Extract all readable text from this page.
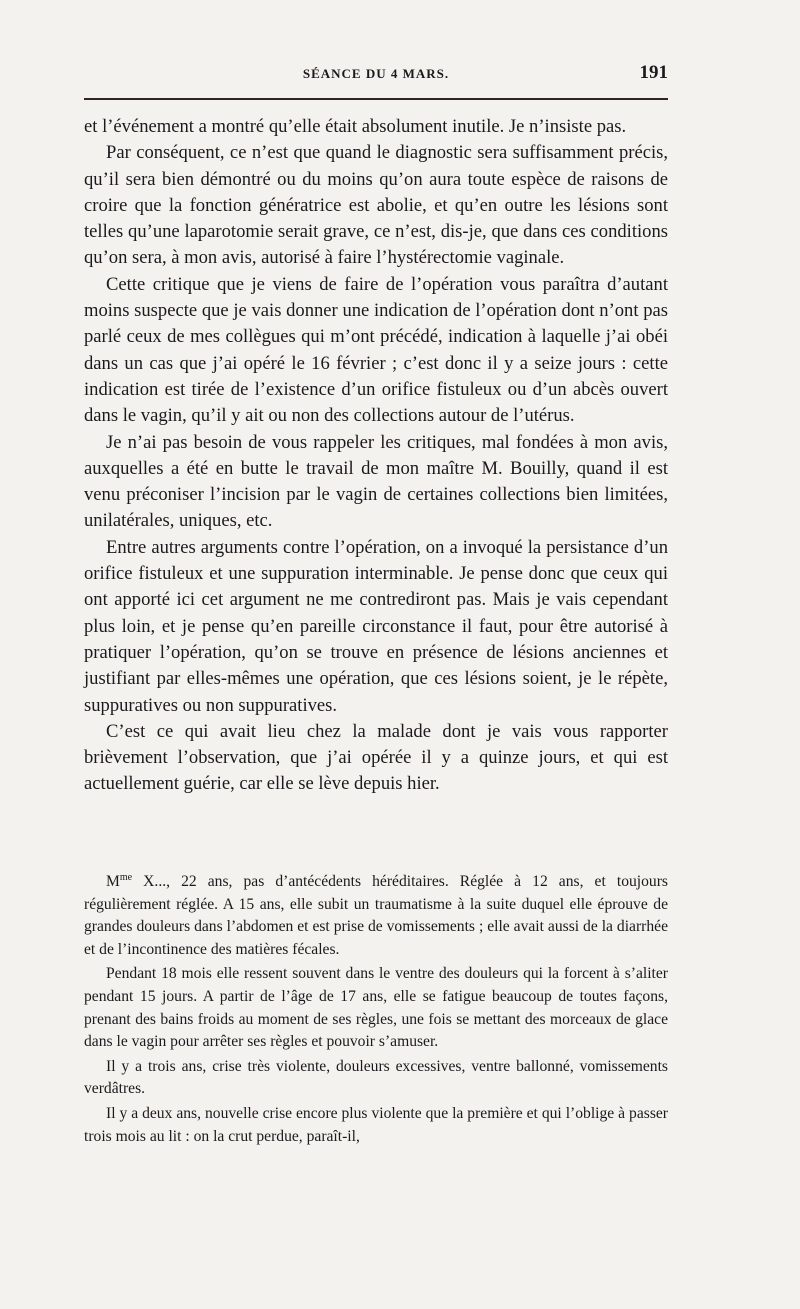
SÉANCE DU 4 MARS.	191

et l’événement a montré qu’elle était absolument inutile. Je n’insiste pas.

Par conséquent, ce n’est que quand le diagnostic sera suffisamment précis, qu’il sera bien démontré ou du moins qu’on aura toute espèce de raisons de croire que la fonction génératrice est abolie, et qu’en outre les lésions sont telles qu’une laparotomie serait grave, ce n’est, dis-je, que dans ces conditions qu’on sera, à mon avis, autorisé à faire l’hystérectomie vaginale.

Cette critique que je viens de faire de l’opération vous paraîtra d’autant moins suspecte que je vais donner une indication de l’opération dont n’ont pas parlé ceux de mes collègues qui m’ont précédé, indication à laquelle j’ai obéi dans un cas que j’ai opéré le 16 février ; c’est donc il y a seize jours : cette indication est tirée de l’existence d’un orifice fistuleux ou d’un abcès ouvert dans le vagin, qu’il y ait ou non des collections autour de l’utérus.

Je n’ai pas besoin de vous rappeler les critiques, mal fondées à mon avis, auxquelles a été en butte le travail de mon maître M. Bouilly, quand il est venu préconiser l’incision par le vagin de certaines collections bien limitées, unilatérales, uniques, etc.

Entre autres arguments contre l’opération, on a invoqué la persistance d’un orifice fistuleux et une suppuration interminable. Je pense donc que ceux qui ont apporté ici cet argument ne me contrediront pas. Mais je vais cependant plus loin, et je pense qu’en pareille circonstance il faut, pour être autorisé à pratiquer l’opération, qu’on se trouve en présence de lésions anciennes et justifiant par elles-mêmes une opération, que ces lésions soient, je le répète, suppuratives ou non suppuratives.

C’est ce qui avait lieu chez la malade dont je vais vous rapporter brièvement l’observation, que j’ai opérée il y a quinze jours, et qui est actuellement guérie, car elle se lève depuis hier.

$M^{me}$ X..., 22 ans, pas d’antécédents héréditaires. Réglée à 12 ans, et toujours régulièrement réglée. A 15 ans, elle subit un traumatisme à la suite duquel elle éprouve de grandes douleurs dans l’abdomen et est prise de vomissements ; elle avait aussi de la diarrhée et de l’incontinence des matières fécales.

Pendant 18 mois elle ressent souvent dans le ventre des douleurs qui la forcent à s’aliter pendant 15 jours. A partir de l’âge de 17 ans, elle se fatigue beaucoup de toutes façons, prenant des bains froids au moment de ses règles, une fois se mettant des morceaux de glace dans le vagin pour arrêter ses règles et pouvoir s’amuser.

Il y a trois ans, crise très violente, douleurs excessives, ventre ballonné, vomissements verdâtres.

Il y a deux ans, nouvelle crise encore plus violente que la première et qui l’oblige à passer trois mois au lit : on la crut perdue, paraît-il,
